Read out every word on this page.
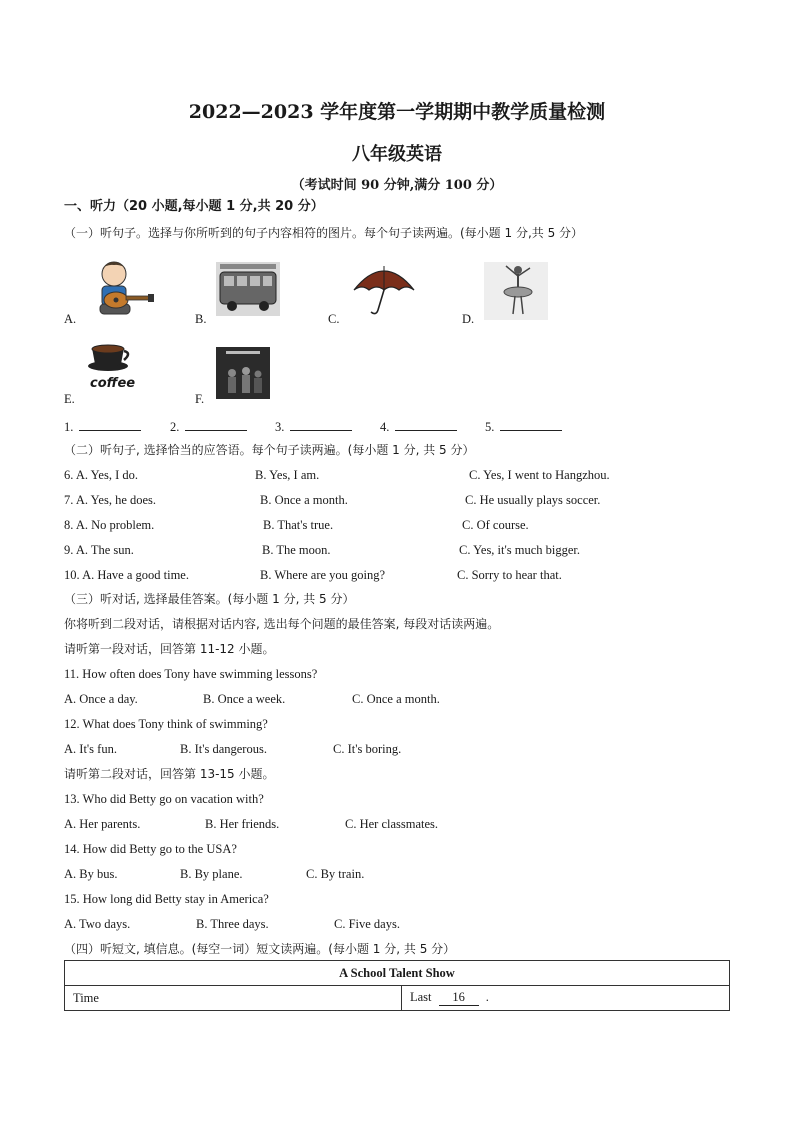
2022—2023 学年度第一学期期中教学质量检测
八年级英语
（考试时间 90 分钟,满分 100 分）
一、听力（20 小题,每小题 1 分,共 20 分）
（一）听句子。选择与你所听到的句子内容相符的图片。每个句子读两遍。(每小题 1 分,共 5 分）
A.	B.	C.	D.
E.
coffee
F.
1.	2.	3.	4.	5.
（二）听句子, 选择恰当的应答语。每个句子读两遍。(每小题 1 分, 共 5 分）
6. A. Yes, I do.	B. Yes, I am.	C. Yes, I went to Hangzhou.
7. A. Yes, he does.	B. Once a month.	C. He usually plays soccer.
8. A. No problem.	B. That's true.	C. Of course.
9. A. The sun.	B. The moon.	C. Yes, it's much bigger.
10. A. Have a good time.	B. Where are you going?	C. Sorry to hear that.
（三）听对话, 选择最佳答案。(每小题 1 分, 共 5 分）
你将听到二段对话，请根据对话内容, 选出每个问题的最佳答案, 每段对话读两遍。
请听第一段对话，回答第 11-12 小题。
11. How often does Tony have swimming lessons?
A. Once a day.	B. Once a week.	C. Once a month.
12. What does Tony think of swimming?
A. It's fun.	B. It's dangerous.	C. It's boring.
请听第二段对话，回答第 13-15 小题。
13. Who did Betty go on vacation with?
A. Her parents.	B. Her friends.	C. Her classmates.
14. How did Betty go to the USA?
A. By bus.	B. By plane.	C. By train.
15. How long did Betty stay in America?
A. Two days.	B. Three days.	C. Five days.
（四）听短文, 填信息。(每空一词）短文读两遍。(每小题 1 分, 共 5 分）
A School Talent Show
Time	Last 16 .
